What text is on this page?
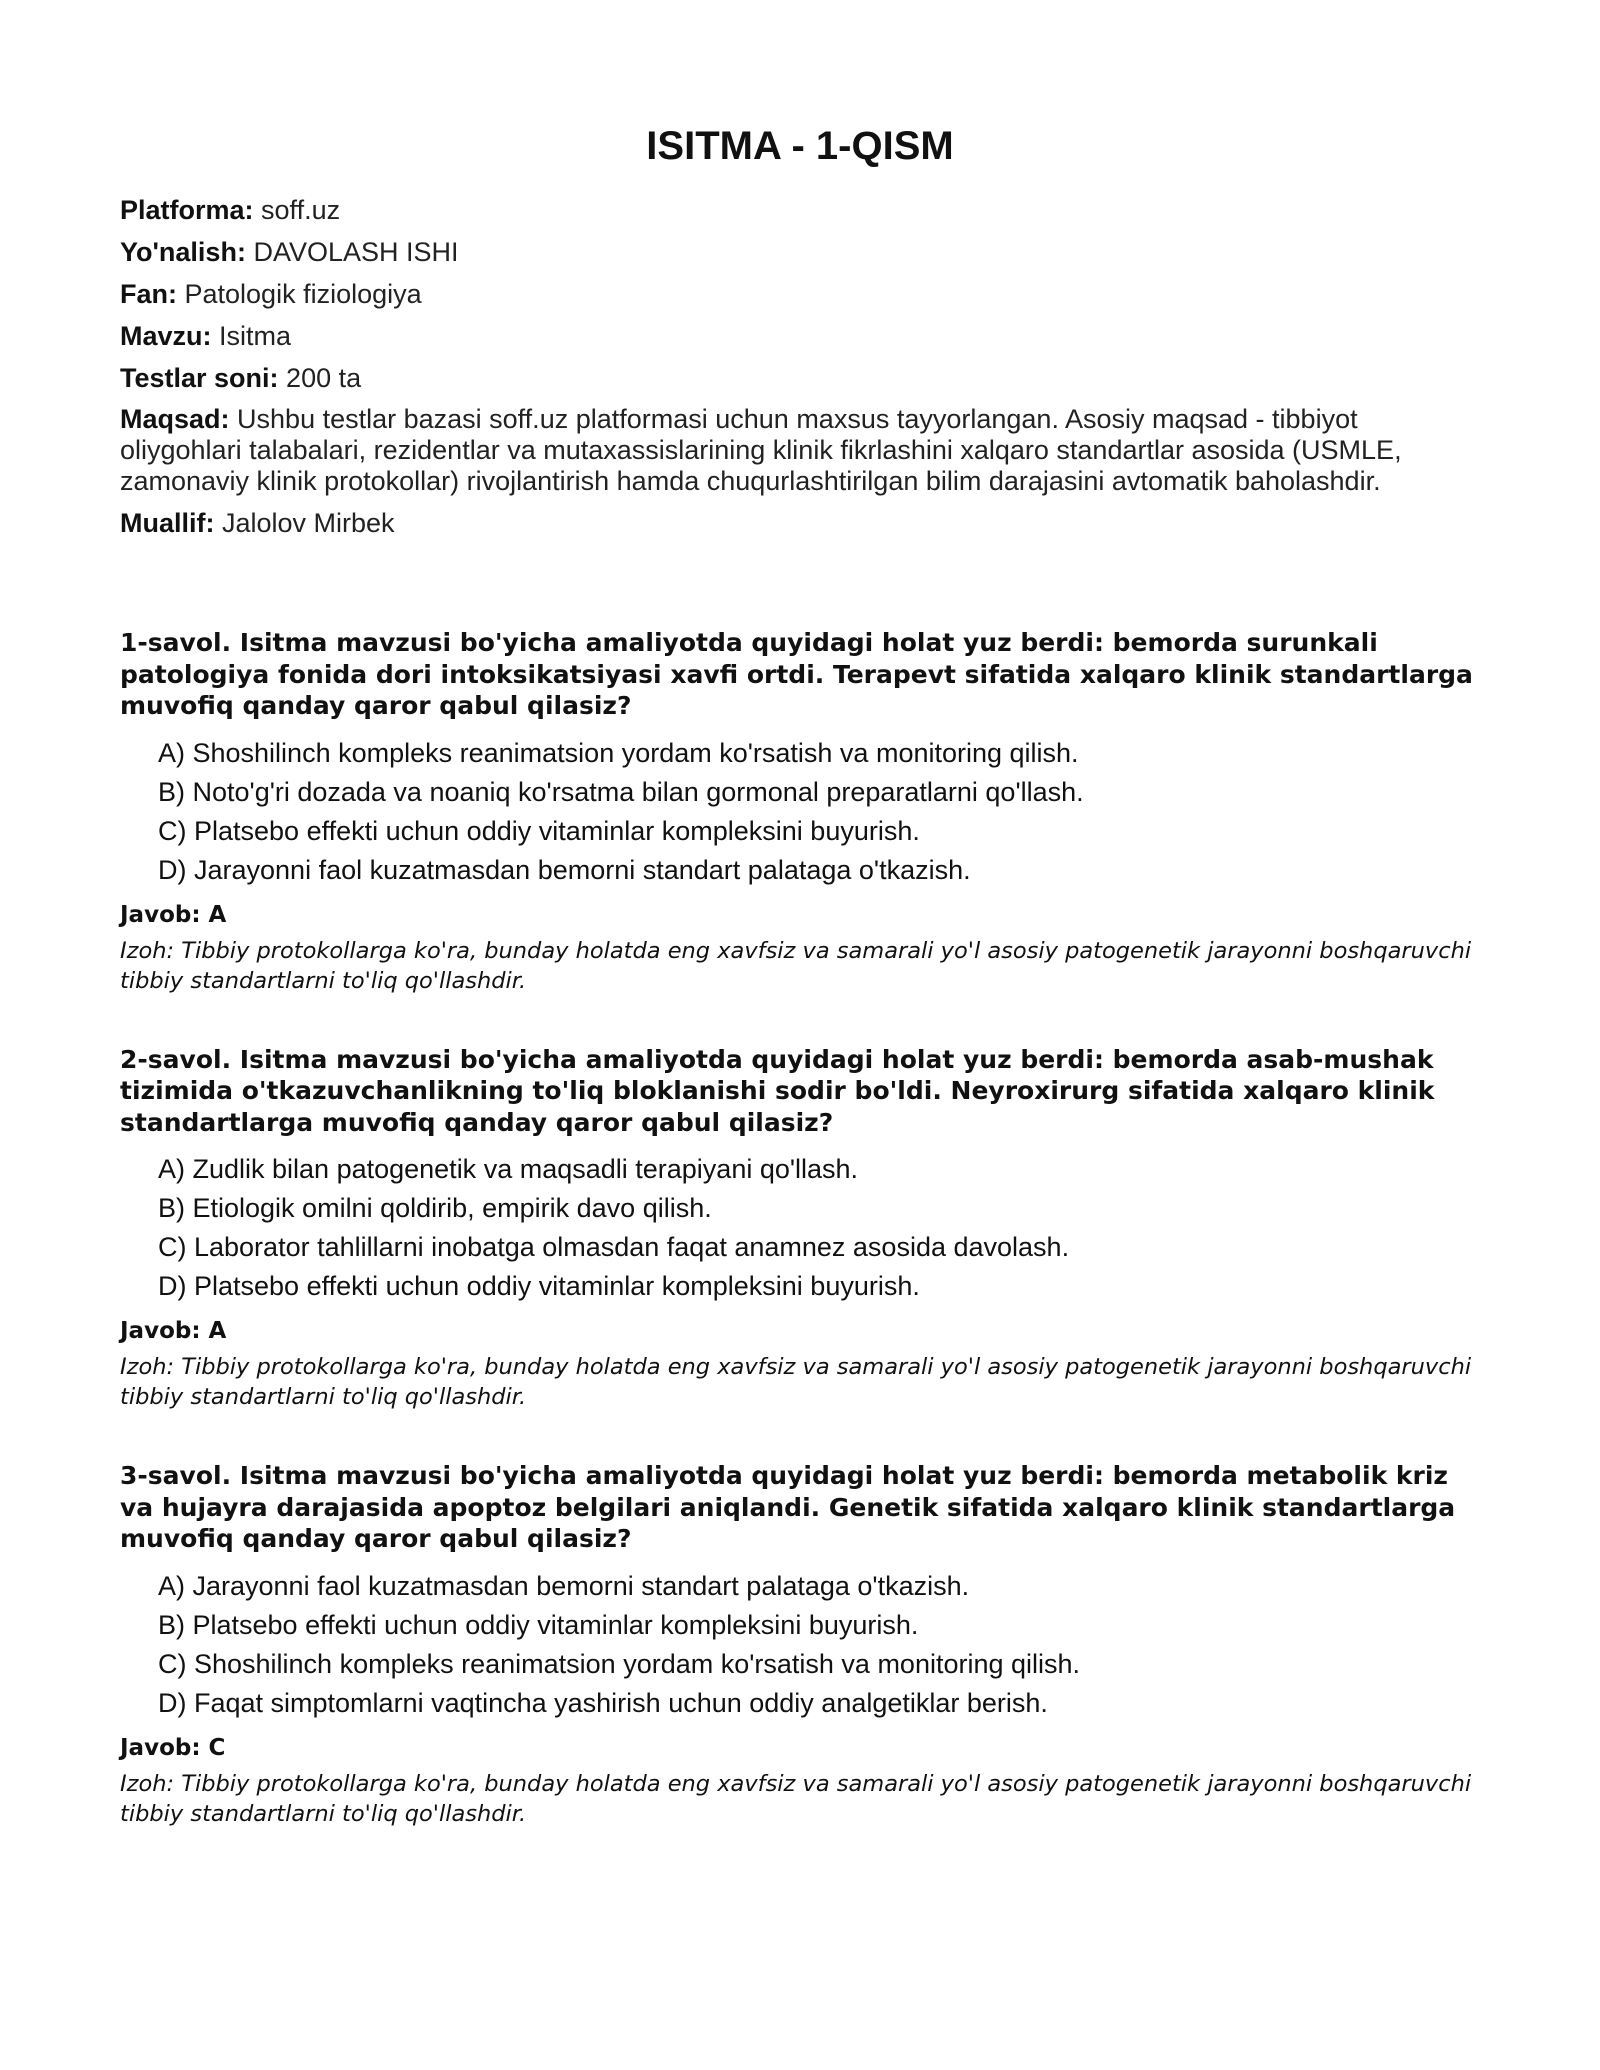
ISITMA - 1-QISM

Platforma: soff.uz

Yo'nalish: DAVOLASH ISHI

Fan: Patologik fiziologiya

Mavzu: Isitma

Testlar soni: 200 ta

Maqsad: Ushbu testlar bazasi soff.uz platformasi uchun maxsus tayyorlangan. Asosiy maqsad - tibbiyot oliygohlari talabalari, rezidentlar va mutaxassislarining klinik fikrlashini xalqaro standartlar asosida (USMLE, zamonaviy klinik protokollar) rivojlantirish hamda chuqurlashtirilgan bilim darajasini avtomatik baholashdir.

Muallif: Jalolov Mirbek

1-savol. Isitma mavzusi bo'yicha amaliyotda quyidagi holat yuz berdi: bemorda surunkali patologiya fonida dori intoksikatsiyasi xavfi ortdi. Terapevt sifatida xalqaro klinik standartlarga muvofiq qanday qaror qabul qilasiz?

A) Shoshilinch kompleks reanimatsion yordam ko'rsatish va monitoring qilish.
B) Noto'g'ri dozada va noaniq ko'rsatma bilan gormonal preparatlarni qo'llash.
C) Platsebo effekti uchun oddiy vitaminlar kompleksini buyurish.
D) Jarayonni faol kuzatmasdan bemorni standart palataga o'tkazish.

Javob: A

Izoh: Tibbiy protokollarga ko'ra, bunday holatda eng xavfsiz va samarali yo'l asosiy patogenetik jarayonni boshqaruvchi tibbiy standartlarni to'liq qo'llashdir.

2-savol. Isitma mavzusi bo'yicha amaliyotda quyidagi holat yuz berdi: bemorda asab-mushak tizimida o'tkazuvchanlikning to'liq bloklanishi sodir bo'ldi. Neyroxirurg sifatida xalqaro klinik standartlarga muvofiq qanday qaror qabul qilasiz?

A) Zudlik bilan patogenetik va maqsadli terapiyani qo'llash.
B) Etiologik omilni qoldirib, empirik davo qilish.
C) Laborator tahlillarni inobatga olmasdan faqat anamnez asosida davolash.
D) Platsebo effekti uchun oddiy vitaminlar kompleksini buyurish.

Javob: A

Izoh: Tibbiy protokollarga ko'ra, bunday holatda eng xavfsiz va samarali yo'l asosiy patogenetik jarayonni boshqaruvchi tibbiy standartlarni to'liq qo'llashdir.

3-savol. Isitma mavzusi bo'yicha amaliyotda quyidagi holat yuz berdi: bemorda metabolik kriz va hujayra darajasida apoptoz belgilari aniqlandi. Genetik sifatida xalqaro klinik standartlarga muvofiq qanday qaror qabul qilasiz?

A) Jarayonni faol kuzatmasdan bemorni standart palataga o'tkazish.
B) Platsebo effekti uchun oddiy vitaminlar kompleksini buyurish.
C) Shoshilinch kompleks reanimatsion yordam ko'rsatish va monitoring qilish.
D) Faqat simptomlarni vaqtincha yashirish uchun oddiy analgetiklar berish.

Javob: C

Izoh: Tibbiy protokollarga ko'ra, bunday holatda eng xavfsiz va samarali yo'l asosiy patogenetik jarayonni boshqaruvchi tibbiy standartlarni to'liq qo'llashdir.
